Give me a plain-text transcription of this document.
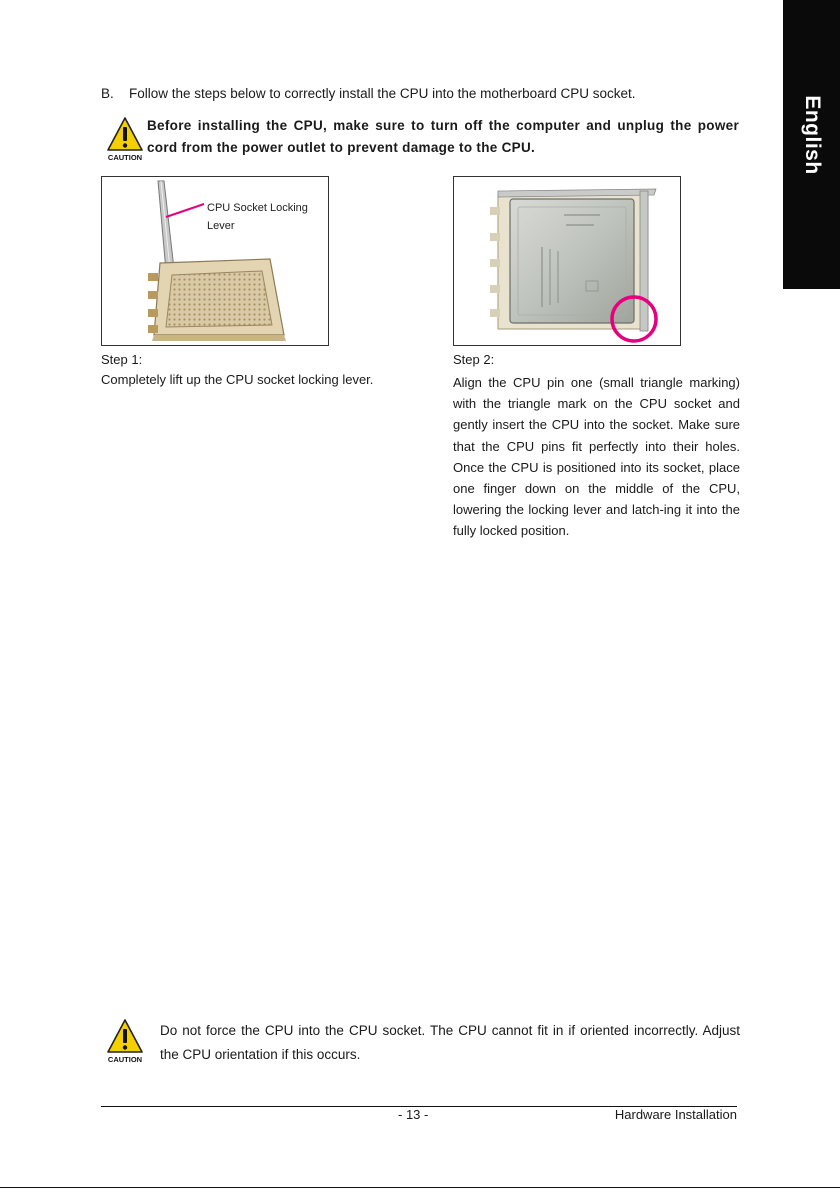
English
B. Follow the steps below to correctly install the CPU into the motherboard CPU socket.
CAUTION
Before installing the CPU, make sure to turn off the computer and unplug the power cord from the power outlet to prevent damage to the CPU.
CPU Socket Locking
Lever
Step 1:
Completely lift up the CPU socket locking lever.
Step 2:
Align the CPU pin one (small triangle marking) with the triangle mark on the CPU socket and gently insert the CPU into the socket. Make sure that the CPU pins fit perfectly into their holes. Once the CPU is positioned into its socket, place one finger down on the middle of the CPU, lowering the locking lever and latch-ing it into the fully locked position.
CAUTION
Do not force the CPU into the CPU socket. The CPU cannot fit in if oriented incorrectly. Adjust the CPU orientation if this occurs.
- 13 -	Hardware Installation
